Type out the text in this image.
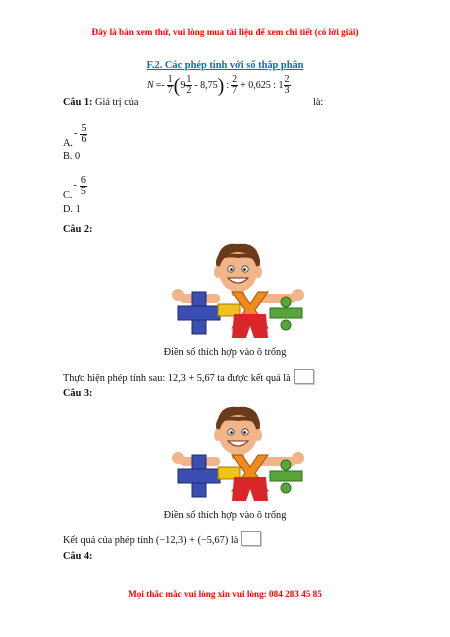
Đây là bản xem thử, vui lòng mua tài liệu để xem chi tiết (có lời giải)
F.2. Các phép tính với số thập phân
Câu 1: Giá trị của
$N =- \frac{1}{7}$ ( $9 \frac{1}{2} - 8,75$ ) : $\frac{2}{7} + 0,625$ : $1 \frac{2}{3}$
là:
A.
- $\frac{5}{6}$
B. 0
C.
- $\frac{6}{5}$
D. 1
Câu 2:
Điền số thích hợp vào ô trống
Thực hiện phép tính sau: 12,3 + 5,67 ta được kết quả là
Câu 3:
Điền số thích hợp vào ô trống
Kết quả của phép tính (−12,3) + (−5,67) là
Câu 4:
Mọi thắc mắc vui lòng xin vui lòng: 084 283 45 85
